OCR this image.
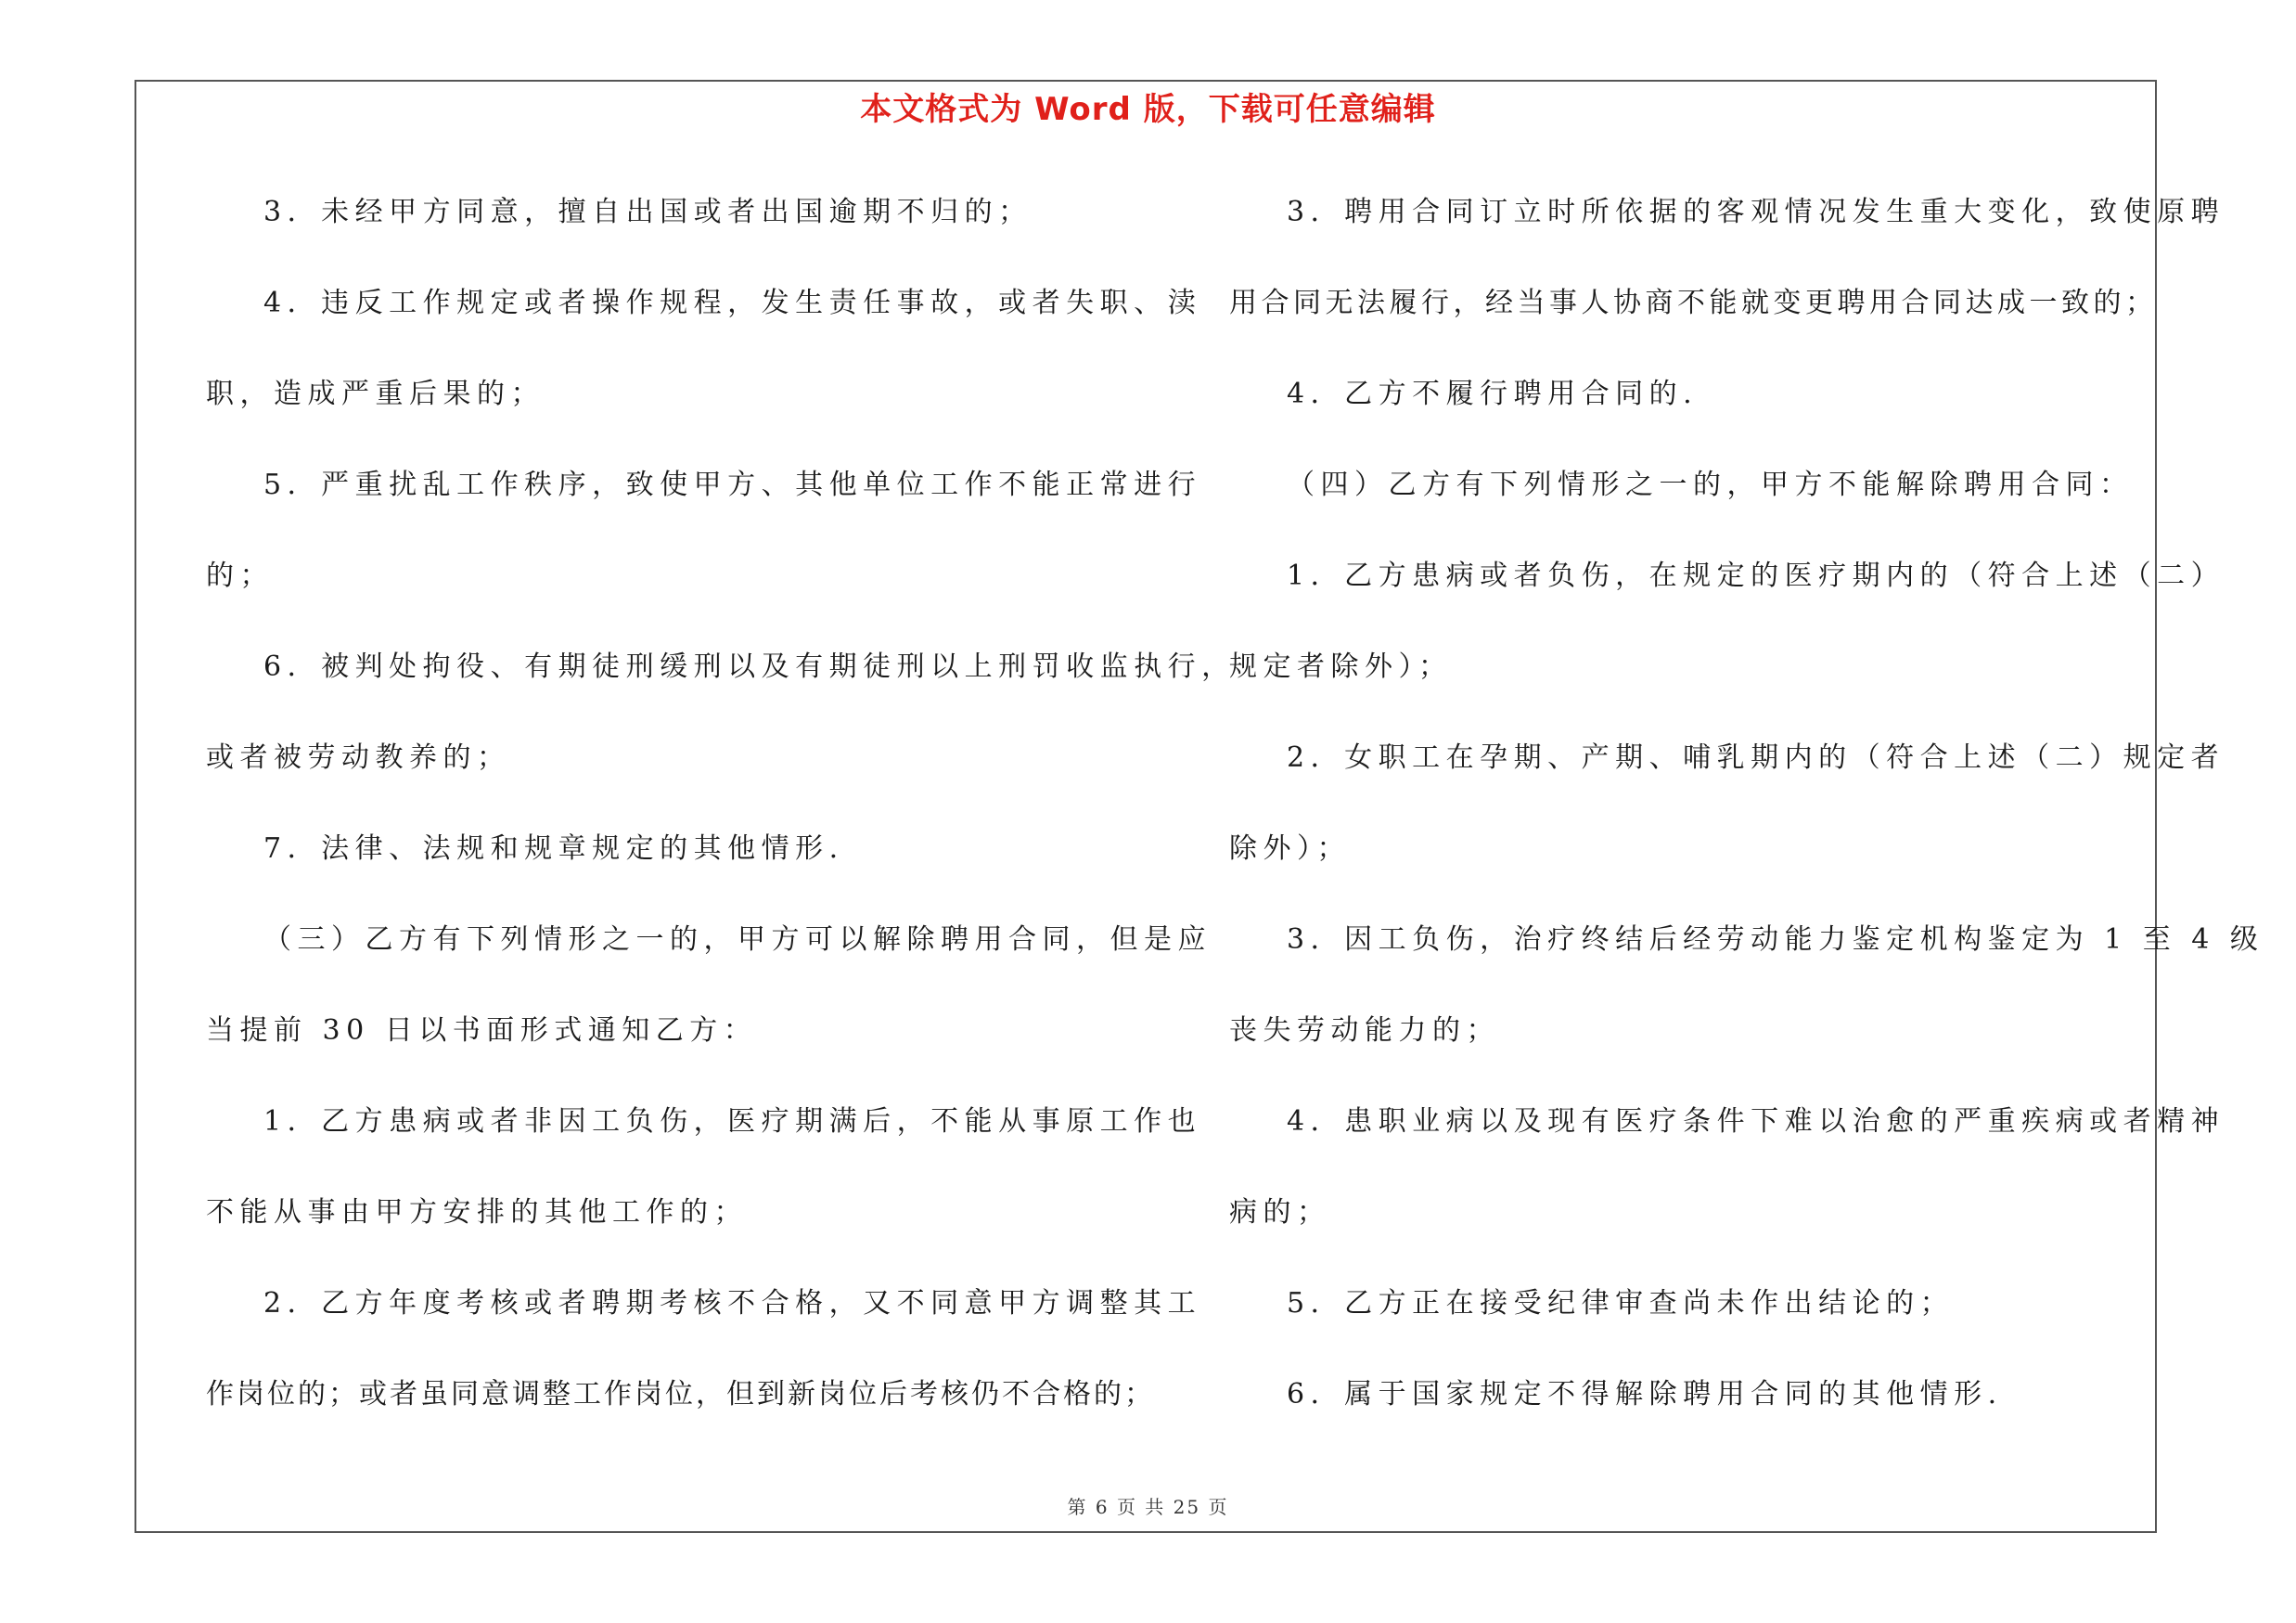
本文格式为 Word 版，下载可任意编辑
3．未经甲方同意，擅自出国或者出国逾期不归的；
4．违反工作规定或者操作规程，发生责任事故，或者失职、渎
职，造成严重后果的；
5．严重扰乱工作秩序，致使甲方、其他单位工作不能正常进行
的；
6．被判处拘役、有期徒刑缓刑以及有期徒刑以上刑罚收监执行，
或者被劳动教养的；
7．法律、法规和规章规定的其他情形.
（三）乙方有下列情形之一的，甲方可以解除聘用合同，但是应
当提前 30 日以书面形式通知乙方：
1．乙方患病或者非因工负伤，医疗期满后，不能从事原工作也
不能从事由甲方安排的其他工作的；
2．乙方年度考核或者聘期考核不合格，又不同意甲方调整其工
作岗位的；或者虽同意调整工作岗位，但到新岗位后考核仍不合格的；
3．聘用合同订立时所依据的客观情况发生重大变化，致使原聘
用合同无法履行，经当事人协商不能就变更聘用合同达成一致的；
4．乙方不履行聘用合同的.
（四）乙方有下列情形之一的，甲方不能解除聘用合同：
1．乙方患病或者负伤，在规定的医疗期内的（符合上述（二）
规定者除外）；
2．女职工在孕期、产期、哺乳期内的（符合上述（二）规定者
除外）；
3．因工负伤，治疗终结后经劳动能力鉴定机构鉴定为 1 至 4 级
丧失劳动能力的；
4．患职业病以及现有医疗条件下难以治愈的严重疾病或者精神
病的；
5．乙方正在接受纪律审查尚未作出结论的；
6．属于国家规定不得解除聘用合同的其他情形.
第 6 页 共 25 页
